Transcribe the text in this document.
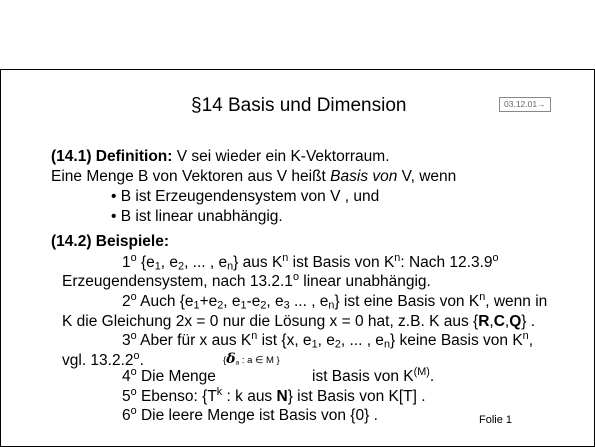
§14 Basis und Dimension	03.12.01→
(14.1) Definition: V sei wieder ein K-Vektorraum.
Eine Menge B von Vektoren aus V heißt Basis von V, wenn
• B ist Erzeugendensystem von V , und
• B ist linear unabhängig.
(14.2) Beispiele:
1$^o$ {$e_1$, $e_2$, ... , $e_n$} aus $K^n$ ist Basis von $K^n$: Nach 12.3.9$^o$
Erzeugendensystem, nach 13.2.1$^o$ linear unabhängig.
2$^o$ Auch {$e_1+e_2$, $e_1-e_2$, $e_3$ ... , $e_n$} ist eine Basis von $K^n$, wenn in
K die Gleichung 2x = 0 nur die Lösung x = 0 hat, z.B. K aus {R,C,Q} .
3$^o$ Aber für x aus $K^n$ ist {x, $e_1$, $e_2$, ... , $e_n$} keine Basis von $K^n$,
vgl. 13.2.2$^o$.	{$\delta_a$ : a ∈ M }
4$^o$ Die Menge	ist Basis von $K^{(M)}$.
5$^o$ Ebenso: {$T^k$ : k aus N} ist Basis von K[T] .
6$^o$ Die leere Menge ist Basis von {0} .	Folie 1
